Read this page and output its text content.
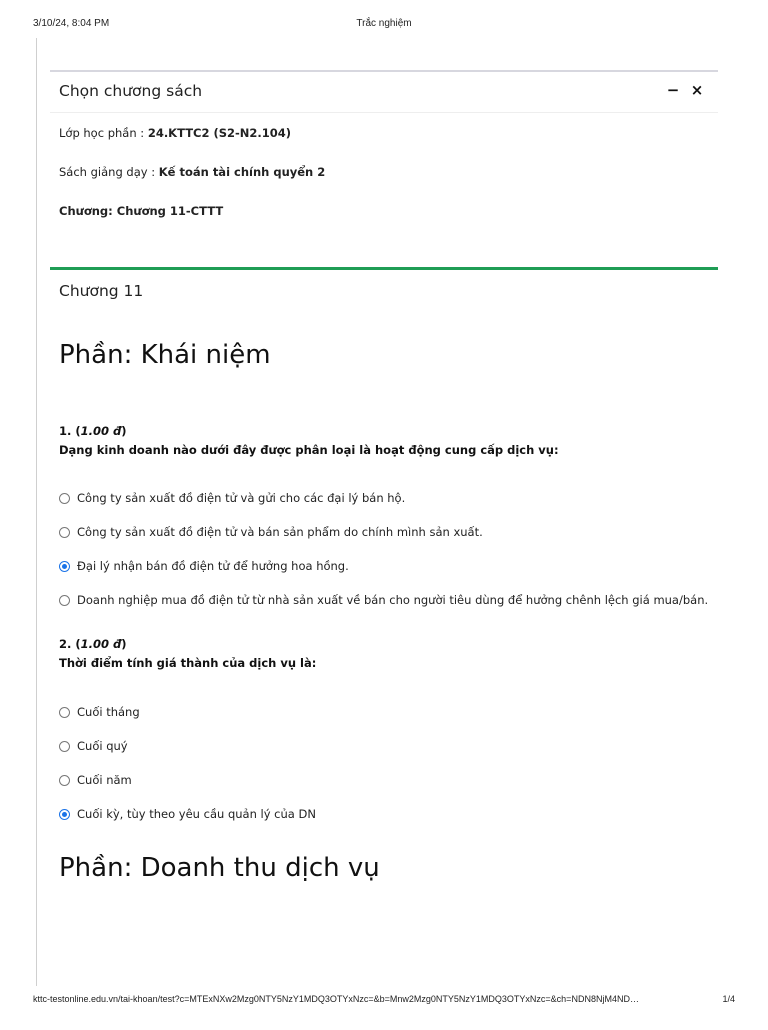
3/10/24, 8:04 PM	Trắc nghiệm
Chọn chương sách	− ×
Lớp học phần : 24.KTTC2 (S2-N2.104)
Sách giảng dạy : Kế toán tài chính quyển 2
Chương: Chương 11-CTTT
Chương 11
Phần: Khái niệm
1. (1.00 đ)
Dạng kinh doanh nào dưới đây được phân loại là hoạt động cung cấp dịch vụ:
Công ty sản xuất đồ điện tử và gửi cho các đại lý bán hộ.
Công ty sản xuất đồ điện tử và bán sản phẩm do chính mình sản xuất.
Đại lý nhận bán đồ điện tử để hưởng hoa hồng.
Doanh nghiệp mua đồ điện tử từ nhà sản xuất về bán cho người tiêu dùng để hưởng chênh lệch giá mua/bán.
2. (1.00 đ)
Thời điểm tính giá thành của dịch vụ là:
Cuối tháng
Cuối quý
Cuối năm
Cuối kỳ, tùy theo yêu cầu quản lý của DN
Phần: Doanh thu dịch vụ
kttc-testonline.edu.vn/tai-khoan/test?c=MTExNXw2Mzg0NTY5NzY1MDQ3OTYxNzc=&b=Mnw2Mzg0NTY5NzY1MDQ3OTYxNzc=&ch=NDN8NjM4ND…	1/4
